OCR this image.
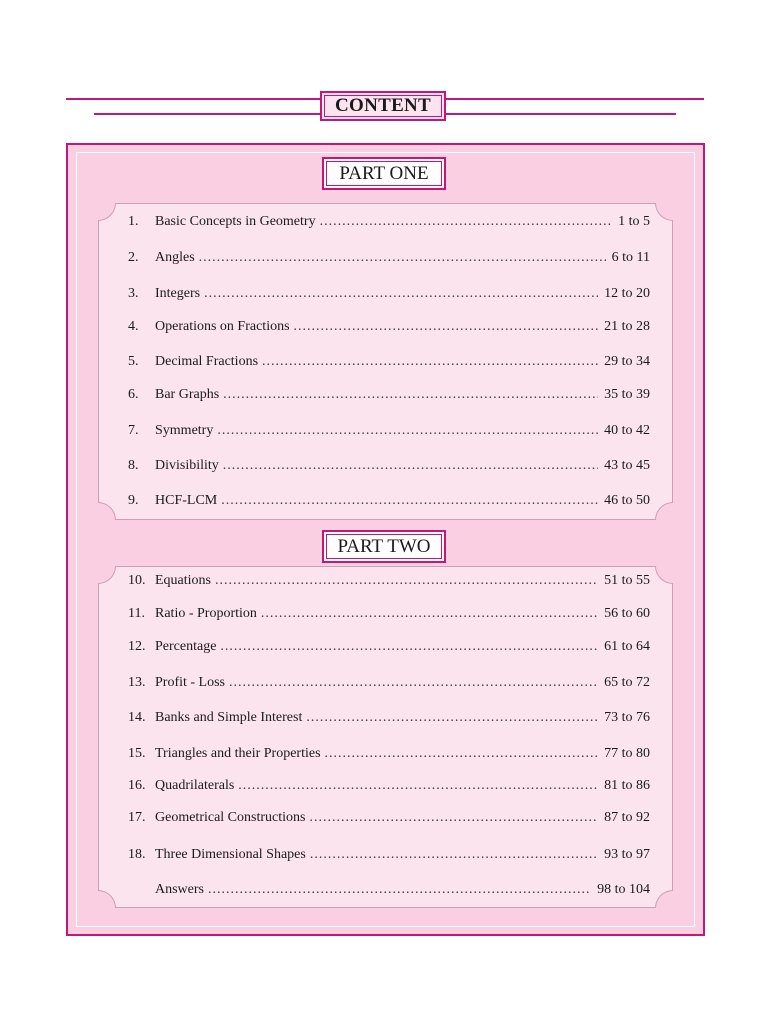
CONTENT
PART ONE
1.	Basic Concepts in Geometry .....	1 to 5
2.	Angles .....	6 to 11
3.	Integers .....	12 to 20
4.	Operations on Fractions .....	21 to 28
5.	Decimal Fractions .....	29 to 34
6.	Bar Graphs .....	35 to 39
7.	Symmetry .....	40 to 42
8.	Divisibility .....	43 to 45
9.	HCF-LCM .....	46 to 50
PART TWO
10. Equations .....	51 to 55
11. Ratio - Proportion .....	56 to 60
12. Percentage .....	61 to 64
13. Profit - Loss .....	65 to 72
14. Banks and Simple Interest .....	73 to 76
15. Triangles and their Properties .....	77 to 80
16. Quadrilaterals .....	81 to 86
17. Geometrical Constructions .....	87 to 92
18. Three Dimensional Shapes .....	93 to 97
Answers .....	98 to 104
